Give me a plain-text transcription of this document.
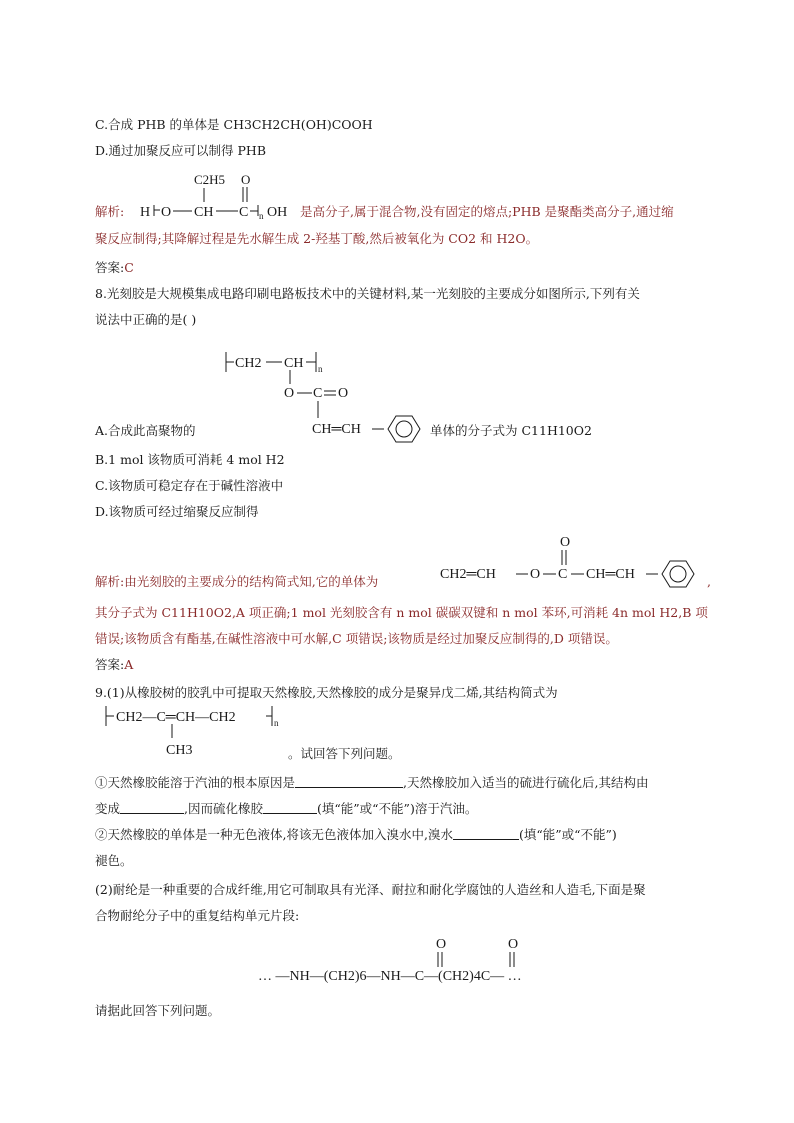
C.合成 PHB 的单体是 CH3CH2CH(OH)COOH
D.通过加聚反应可以制得 PHB
解析:
C2H5 O
H O CH C n OH 是高分子,属于混合物,没有固定的熔点;PHB 是聚酯类高分子,通过缩
聚反应制得;其降解过程是先水解生成 2-羟基丁酸,然后被氧化为 CO2 和 H2O。
答案:C
8.光刻胶是大规模集成电路印刷电路板技术中的关键材料,某一光刻胶的主要成分如图所示,下列有关
说法中正确的是( )
CH2 CH n
O C O
CH═CH
A.合成此高聚物的	单体的分子式为 C11H10O2
B.1 mol 该物质可消耗 4 mol H2
C.该物质可稳定存在于碱性溶液中
D.该物质可经过缩聚反应制得
解析:由光刻胶的主要成分的结构简式知,它的单体为	CH2═CH O C
O
CH═CH	,
其分子式为 C11H10O2,A 项正确;1 mol 光刻胶含有 n mol 碳碳双键和 n mol 苯环,可消耗 4n mol H2,B 项
错误;该物质含有酯基,在碱性溶液中可水解,C 项错误;该物质是经过加聚反应制得的,D 项错误。
答案:A
9.(1)从橡胶树的胶乳中可提取天然橡胶,天然橡胶的成分是聚异戊二烯,其结构简式为
CH2—C═CH—CH2	n
CH3	。试回答下列问题。
①天然橡胶能溶于汽油的根本原因是	,天然橡胶加入适当的硫进行硫化后,其结构由
变成	,因而硫化橡胶	(填“能”或“不能”)溶于汽油。
②天然橡胶的单体是一种无色液体,将该无色液体加入溴水中,溴水	(填“能”或“不能”)
褪色。
(2)耐纶是一种重要的合成纤维,用它可制取具有光泽、耐拉和耐化学腐蚀的人造丝和人造毛,下面是聚
合物耐纶分子中的重复结构单元片段:
… —NH—(CH2)6—NH—C—(CH2)4C— …
O	O
请据此回答下列问题。
